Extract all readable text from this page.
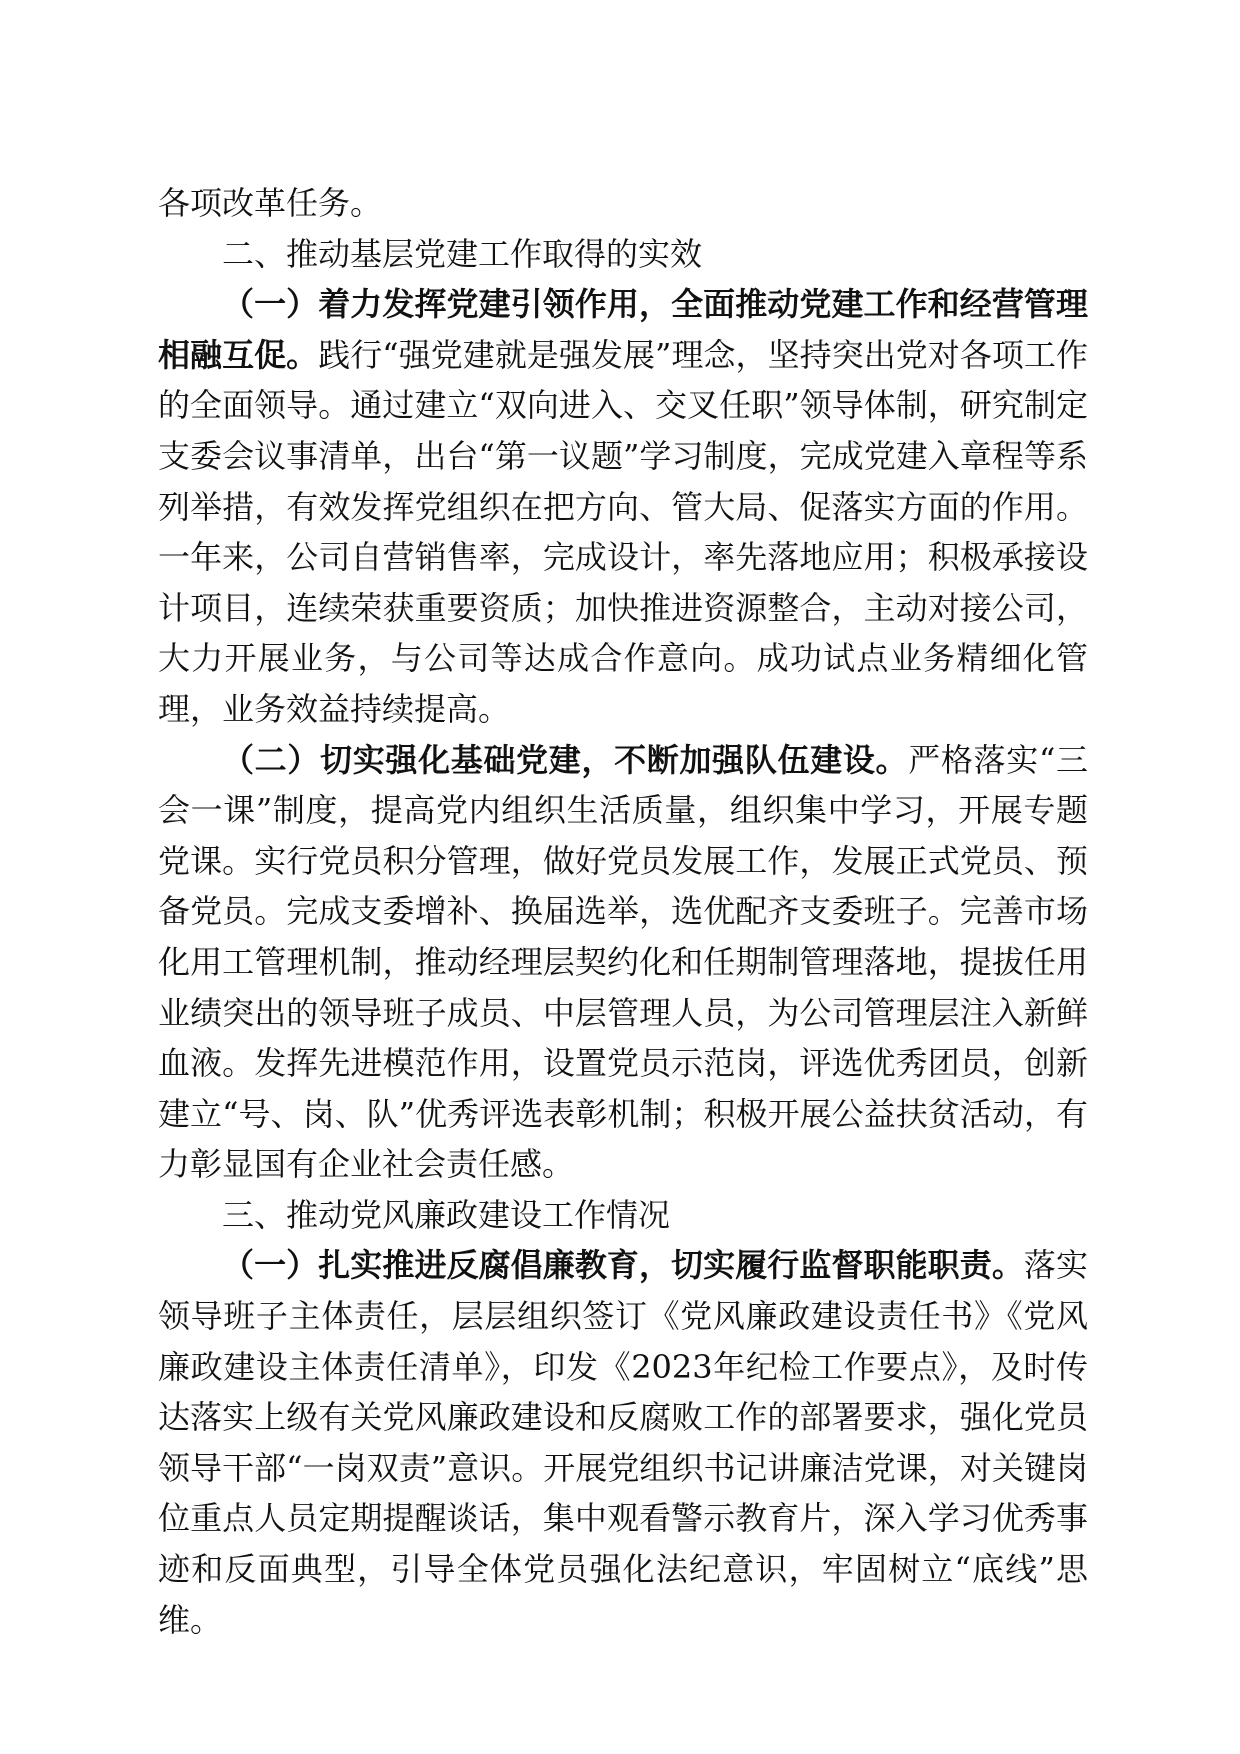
各项改革任务。

二、推动基层党建工作取得的实效

（一）着力发挥党建引领作用，全面推动党建工作和经营管理相融互促。践行“强党建就是强发展”理念，坚持突出党对各项工作的全面领导。通过建立“双向进入、交叉任职”领导体制，研究制定支委会议事清单，出台“第一议题”学习制度，完成党建入章程等系列举措，有效发挥党组织在把方向、管大局、促落实方面的作用。一年来，公司自营销售率，完成设计，率先落地应用；积极承接设计项目，连续荣获重要资质；加快推进资源整合，主动对接公司，大力开展业务，与公司等达成合作意向。成功试点业务精细化管理，业务效益持续提高。

（二）切实强化基础党建，不断加强队伍建设。严格落实“三会一课”制度，提高党内组织生活质量，组织集中学习，开展专题党课。实行党员积分管理，做好党员发展工作，发展正式党员、预备党员。完成支委增补、换届选举，选优配齐支委班子。完善市场化用工管理机制，推动经理层契约化和任期制管理落地，提拔任用业绩突出的领导班子成员、中层管理人员，为公司管理层注入新鲜血液。发挥先进模范作用，设置党员示范岗，评选优秀团员，创新建立“号、岗、队”优秀评选表彰机制；积极开展公益扶贫活动，有力彰显国有企业社会责任感。

三、推动党风廉政建设工作情况

（一）扎实推进反腐倡廉教育，切实履行监督职能职责。落实领导班子主体责任，层层组织签订《党风廉政建设责任书》《党风廉政建设主体责任清单》，印发《2023年纪检工作要点》，及时传达落实上级有关党风廉政建设和反腐败工作的部署要求，强化党员领导干部“一岗双责”意识。开展党组织书记讲廉洁党课，对关键岗位重点人员定期提醒谈话，集中观看警示教育片，深入学习优秀事迹和反面典型，引导全体党员强化法纪意识，牢固树立“底线”思维。
